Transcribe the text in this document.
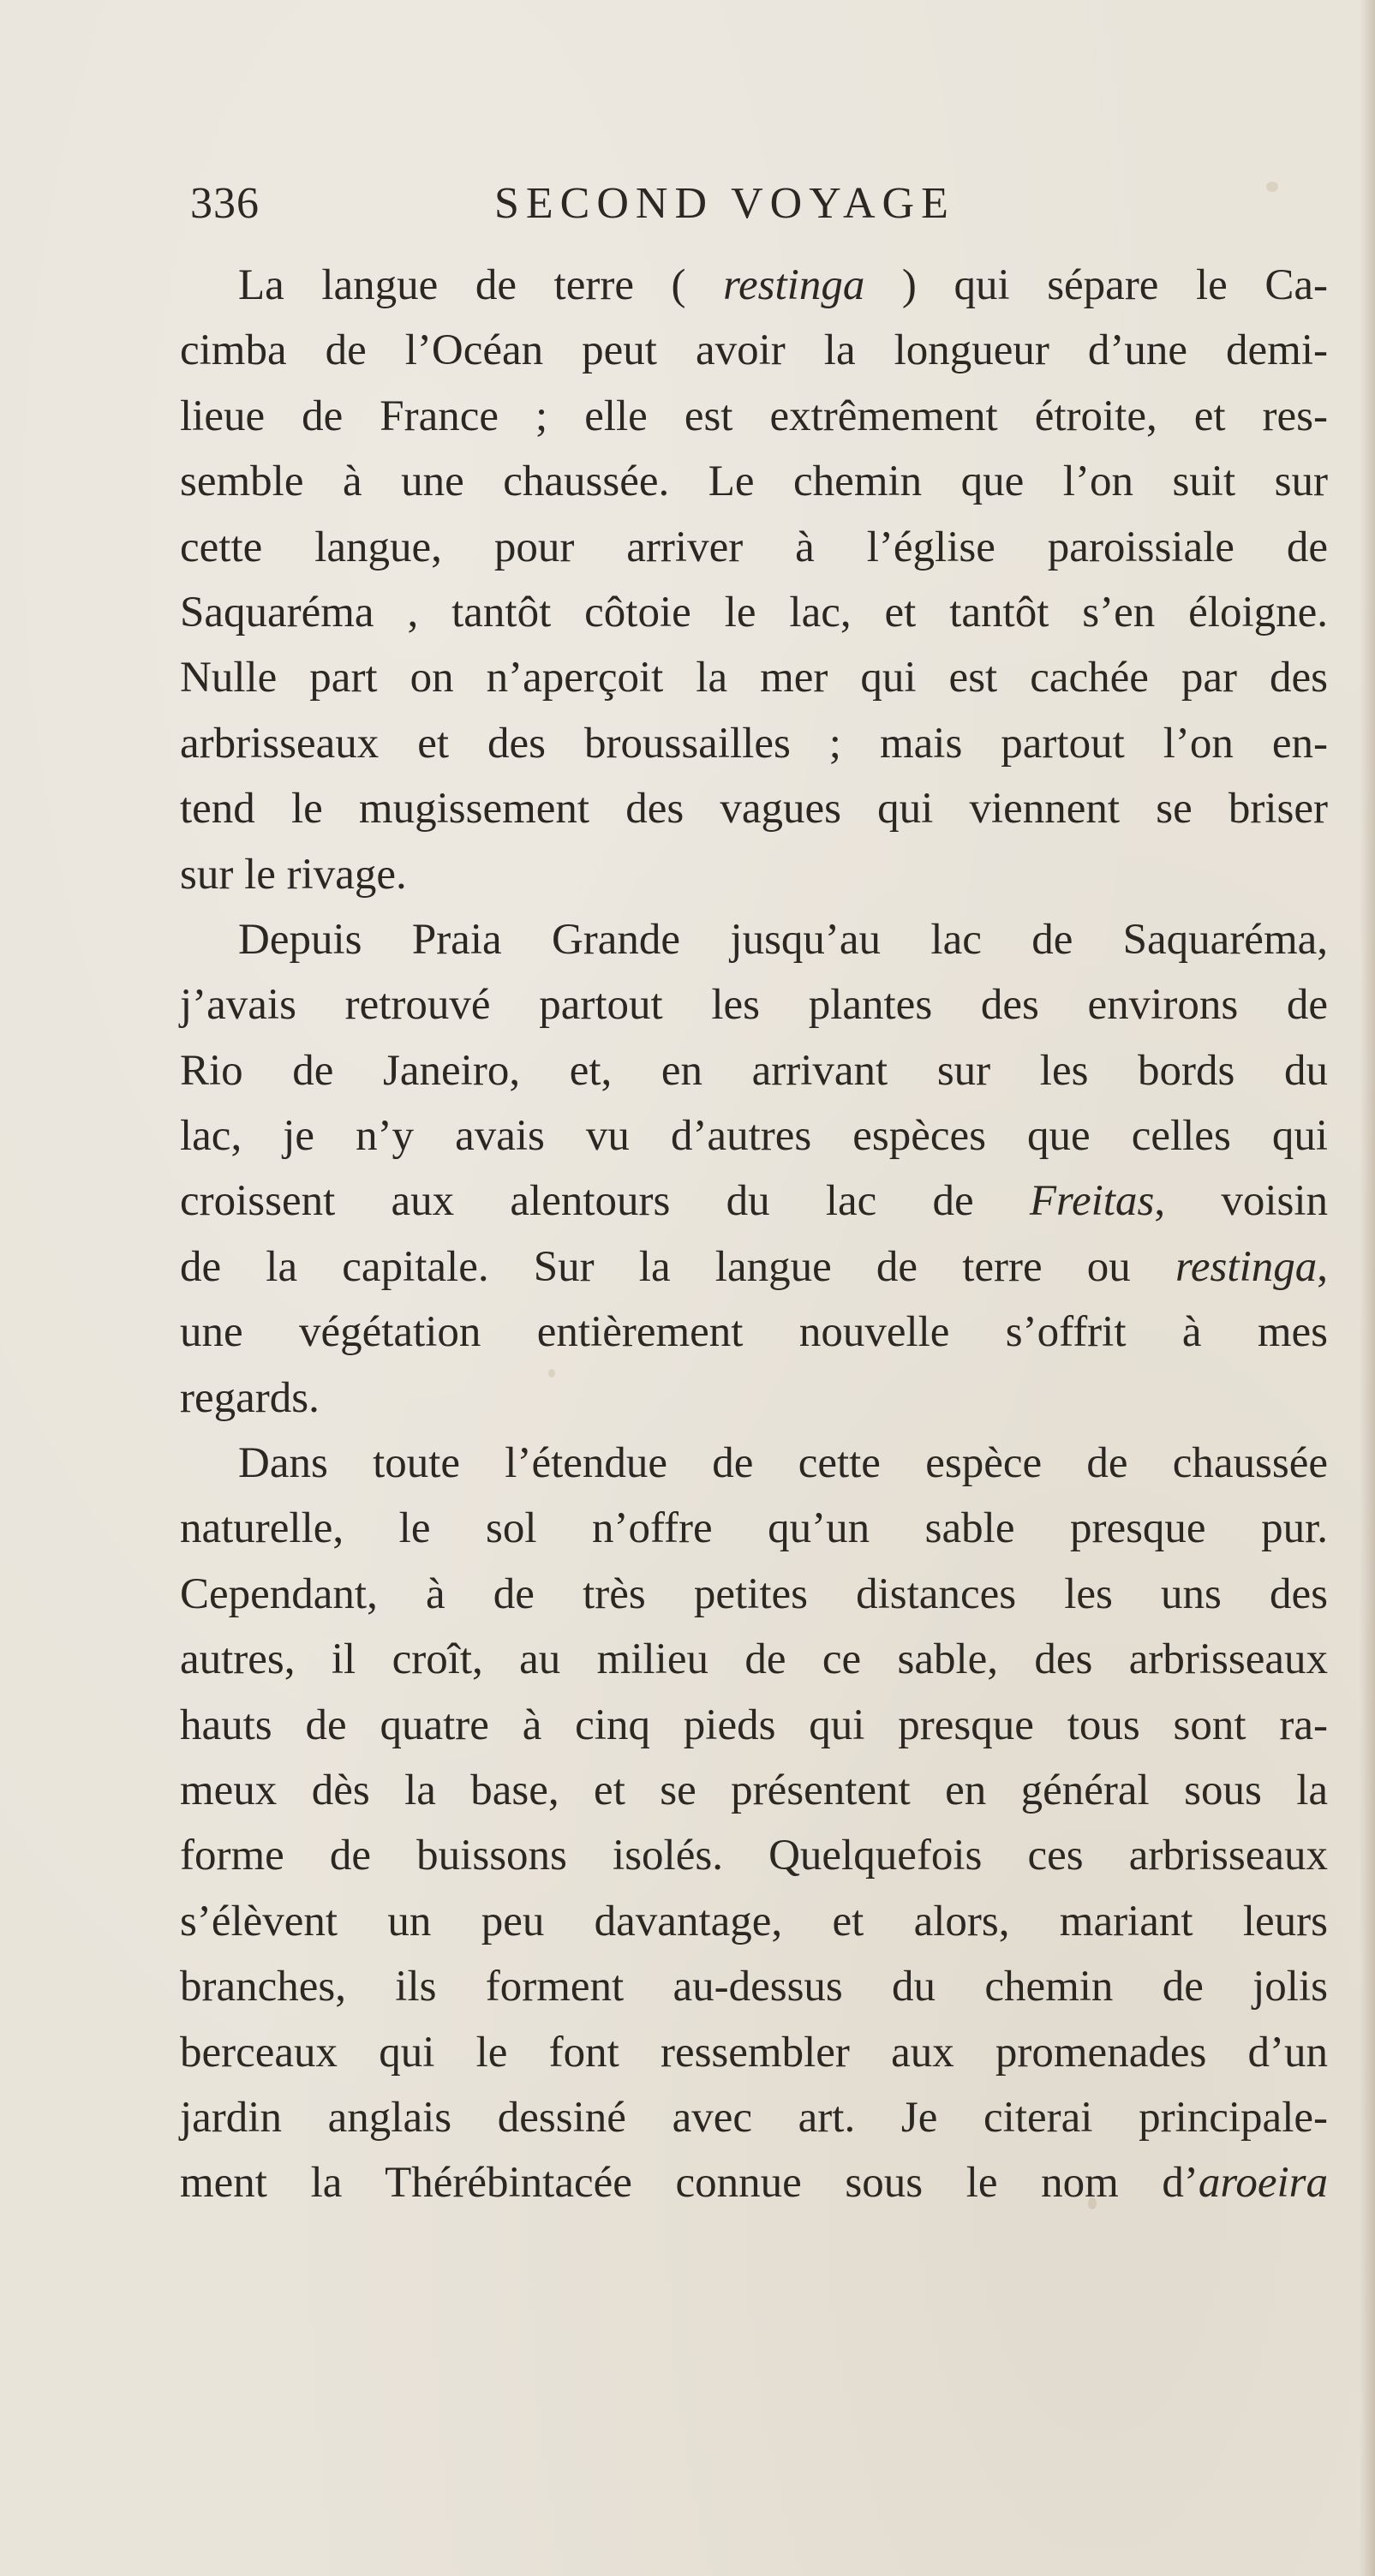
336	SECOND VOYAGE
La langue de terre ( restinga ) qui sépare le Ca-
cimba de l’Océan peut avoir la longueur d’une demi-
lieue de France ; elle est extrêmement étroite, et res-
semble à une chaussée. Le chemin que l’on suit sur
cette langue, pour arriver à l’église paroissiale de
Saquaréma , tantôt côtoie le lac, et tantôt s’en éloigne.
Nulle part on n’aperçoit la mer qui est cachée par des
arbrisseaux et des broussailles ; mais partout l’on en-
tend le mugissement des vagues qui viennent se briser
sur le rivage.
Depuis Praia Grande jusqu’au lac de Saquaréma,
j’avais retrouvé partout les plantes des environs de
Rio de Janeiro, et, en arrivant sur les bords du
lac, je n’y avais vu d’autres espèces que celles qui
croissent aux alentours du lac de Freitas, voisin
de la capitale. Sur la langue de terre ou restinga,
une végétation entièrement nouvelle s’offrit à mes
regards.
Dans toute l’étendue de cette espèce de chaussée
naturelle, le sol n’offre qu’un sable presque pur.
Cependant, à de très petites distances les uns des
autres, il croît, au milieu de ce sable, des arbrisseaux
hauts de quatre à cinq pieds qui presque tous sont ra-
meux dès la base, et se présentent en général sous la
forme de buissons isolés. Quelquefois ces arbrisseaux
s’élèvent un peu davantage, et alors, mariant leurs
branches, ils forment au-dessus du chemin de jolis
berceaux qui le font ressembler aux promenades d’un
jardin anglais dessiné avec art. Je citerai principale-
ment la Thérébintacée connue sous le nom d’aroeira
